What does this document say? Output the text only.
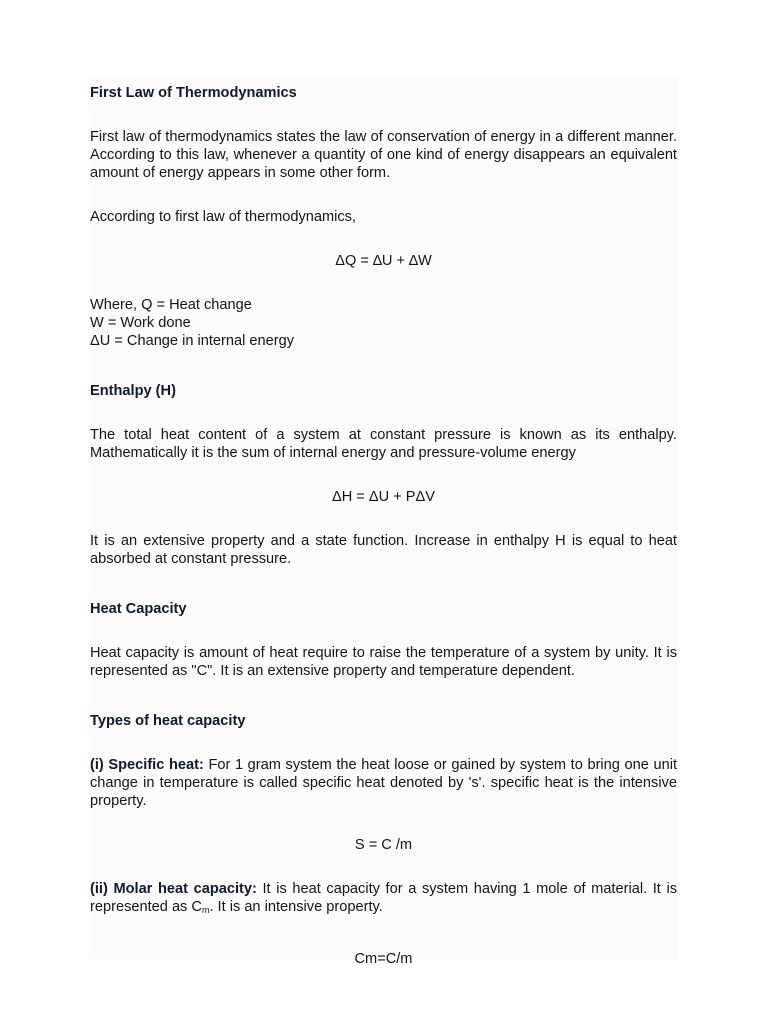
First Law of Thermodynamics

First law of thermodynamics states the law of conservation of energy in a different manner. According to this law, whenever a quantity of one kind of energy disappears an equivalent amount of energy appears in some other form.

According to first law of thermodynamics,

ΔQ = ∆U + ∆W

Where, Q = Heat change
W = Work done
ΔU = Change in internal energy

Enthalpy (H)

The total heat content of a system at constant pressure is known as its enthalpy. Mathematically it is the sum of internal energy and pressure-volume energy

ΔH = ΔU + PΔV

It is an extensive property and a state function. Increase in enthalpy H is equal to heat absorbed at constant pressure.

Heat Capacity

Heat capacity is amount of heat require to raise the temperature of a system by unity. It is represented as "C". It is an extensive property and temperature dependent.

Types of heat capacity

(i) Specific heat: For 1 gram system the heat loose or gained by system to bring one unit change in temperature is called specific heat denoted by 's'. specific heat is the intensive property.

S = C /m

(ii) Molar heat capacity: It is heat capacity for a system having 1 mole of material. It is represented as $C_m$. It is an intensive property.

Cm=C/m
